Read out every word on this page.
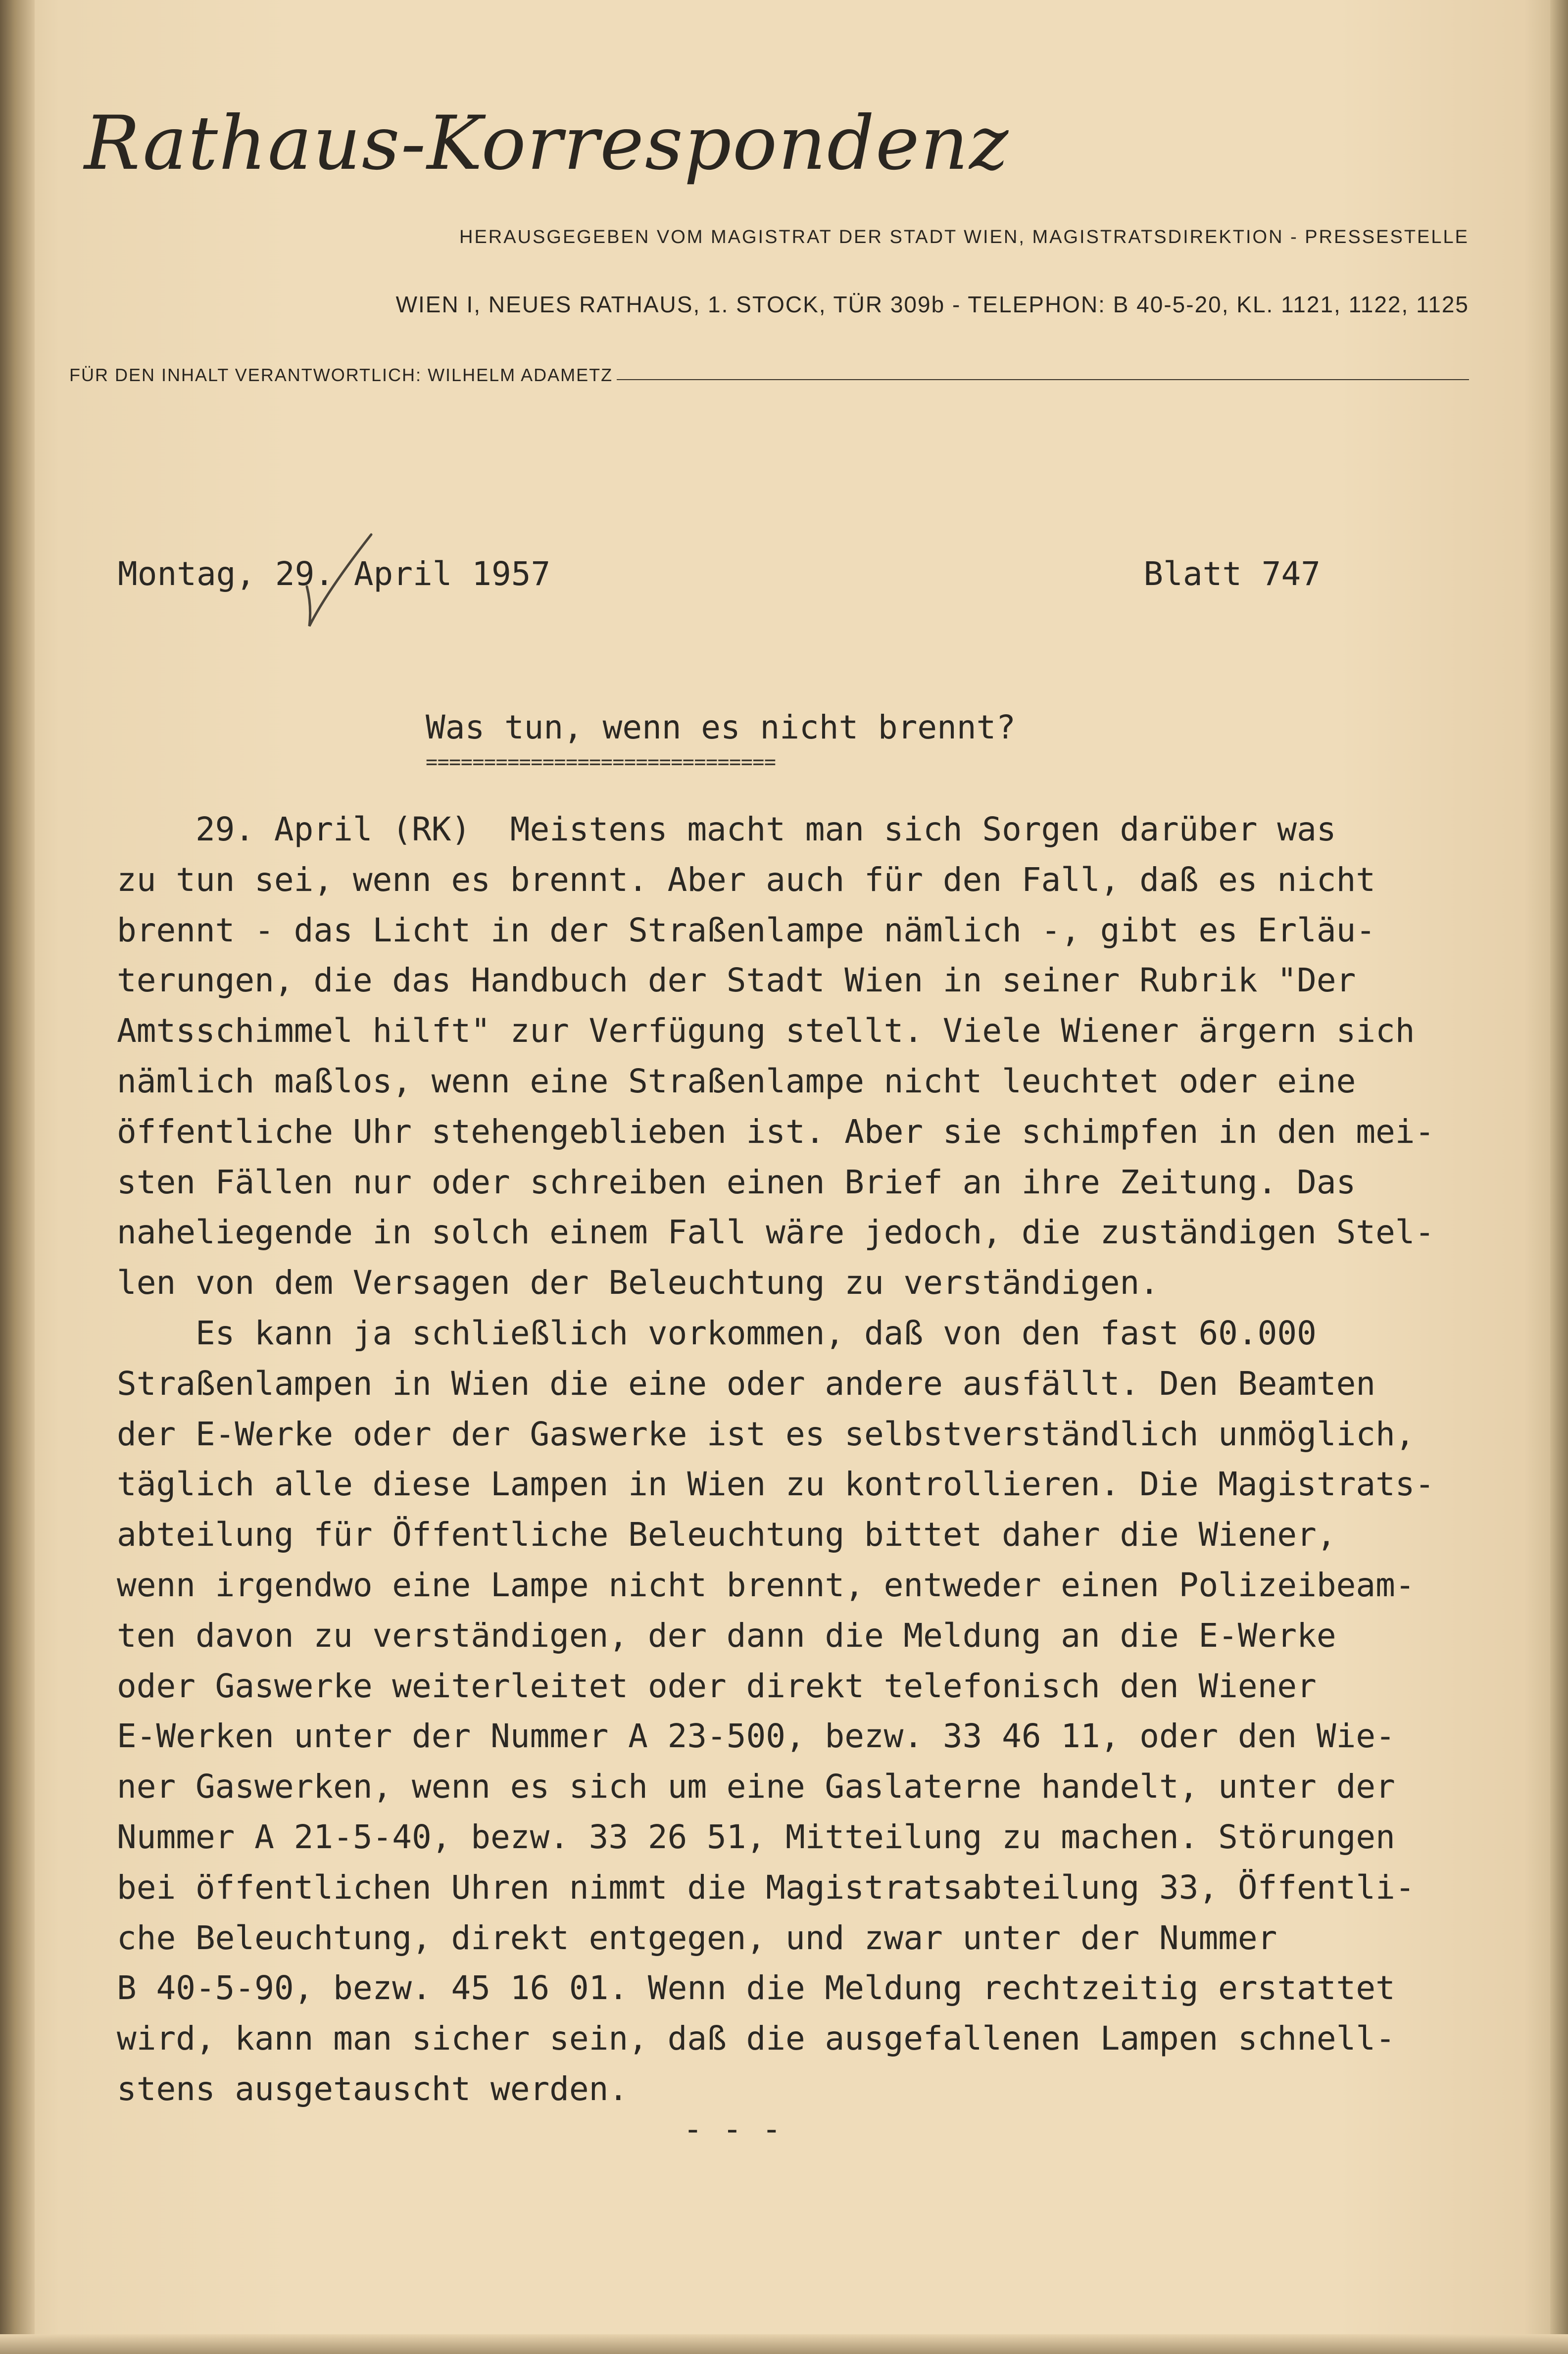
Rathaus-Korrespondenz
HERAUSGEGEBEN VOM MAGISTRAT DER STADT WIEN, MAGISTRATSDIREKTION - PRESSESTELLE
WIEN I, NEUES RATHAUS, 1. STOCK, TÜR 309b - TELEPHON: B 40-5-20, KL. 1121, 1122, 1125
FÜR DEN INHALT VERANTWORTLICH: WILHELM ADAMETZ
Montag, 29. April 1957	Blatt 747
Was tun, wenn es nicht brennt?
==============================
29. April (RK)  Meistens macht man sich Sorgen darüber was
zu tun sei, wenn es brennt. Aber auch für den Fall, daß es nicht
brennt - das Licht in der Straßenlampe nämlich -, gibt es Erläu-
terungen, die das Handbuch der Stadt Wien in seiner Rubrik "Der
Amtsschimmel hilft" zur Verfügung stellt. Viele Wiener ärgern sich
nämlich maßlos, wenn eine Straßenlampe nicht leuchtet oder eine
öffentliche Uhr stehengeblieben ist. Aber sie schimpfen in den mei-
sten Fällen nur oder schreiben einen Brief an ihre Zeitung. Das
naheliegende in solch einem Fall wäre jedoch, die zuständigen Stel-
len von dem Versagen der Beleuchtung zu verständigen.
Es kann ja schließlich vorkommen, daß von den fast 60.000
Straßenlampen in Wien die eine oder andere ausfällt. Den Beamten
der E-Werke oder der Gaswerke ist es selbstverständlich unmöglich,
täglich alle diese Lampen in Wien zu kontrollieren. Die Magistrats-
abteilung für Öffentliche Beleuchtung bittet daher die Wiener,
wenn irgendwo eine Lampe nicht brennt, entweder einen Polizeibeam-
ten davon zu verständigen, der dann die Meldung an die E-Werke
oder Gaswerke weiterleitet oder direkt telefonisch den Wiener
E-Werken unter der Nummer A 23-500, bezw. 33 46 11, oder den Wie-
ner Gaswerken, wenn es sich um eine Gaslaterne handelt, unter der
Nummer A 21-5-40, bezw. 33 26 51, Mitteilung zu machen. Störungen
bei öffentlichen Uhren nimmt die Magistratsabteilung 33, Öffentli-
che Beleuchtung, direkt entgegen, und zwar unter der Nummer
B 40-5-90, bezw. 45 16 01. Wenn die Meldung rechtzeitig erstattet
wird, kann man sicher sein, daß die ausgefallenen Lampen schnell-
stens ausgetauscht werden.
- - -
